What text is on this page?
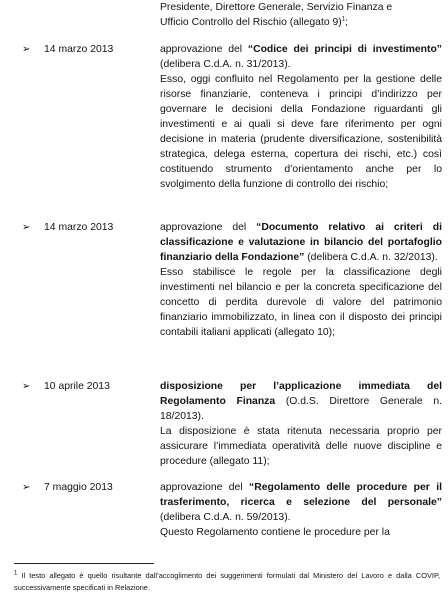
Presidente, Direttore Generale, Servizio Finanza e
Ufficio Controllo del Rischio (allegato 9)$^1$;
➢ 14 marzo 2013	approvazione del “Codice dei principi di investimento” (delibera C.d.A. n. 31/2013).

Esso, oggi confluito nel Regolamento per la gestione delle risorse finanziarie, conteneva i principi d’indirizzo per governare le decisioni della Fondazione riguardanti gli investimenti e ai quali si deve fare riferimento per ogni decisione in materia (prudente diversificazione, sostenibilità strategica, delega esterna, copertura dei rischi, etc.) così costituendo strumento d’orientamento anche per lo svolgimento della funzione di controllo dei rischio;

➢ 14 marzo 2013	approvazione del “Documento relativo ai criteri di classificazione e valutazione in bilancio del portafoglio finanziario della Fondazione” (delibera C.d.A. n. 32/2013).

Esso stabilisce le regole per la classificazione degli investimenti nel bilancio e per la concreta specificazione del concetto di perdita durevole di valore del patrimonio finanziario immobilizzato, in linea con il disposto dei principi contabili italiani applicati (allegato 10);

➢ 10 aprile 2013	disposizione per l’applicazione immediata del Regolamento Finanza (O.d.S. Direttore Generale n. 18/2013).

La disposizione è stata ritenuta necessaria proprio per assicurare l’immediata operatività delle nuove discipline e procedure (allegato 11);

➢ 7 maggio 2013	approvazione del “Regolamento delle procedure per il trasferimento, ricerca e selezione del personale” (delibera C.d.A. n. 59/2013).

Questo Regolamento contiene le procedure per la

$^1$ Il testo allegato è quello risultante dall’accoglimento dei suggerimenti formulati dal Ministero del Lavoro e dalla COVIP, successivamente specificati in Relazione.
